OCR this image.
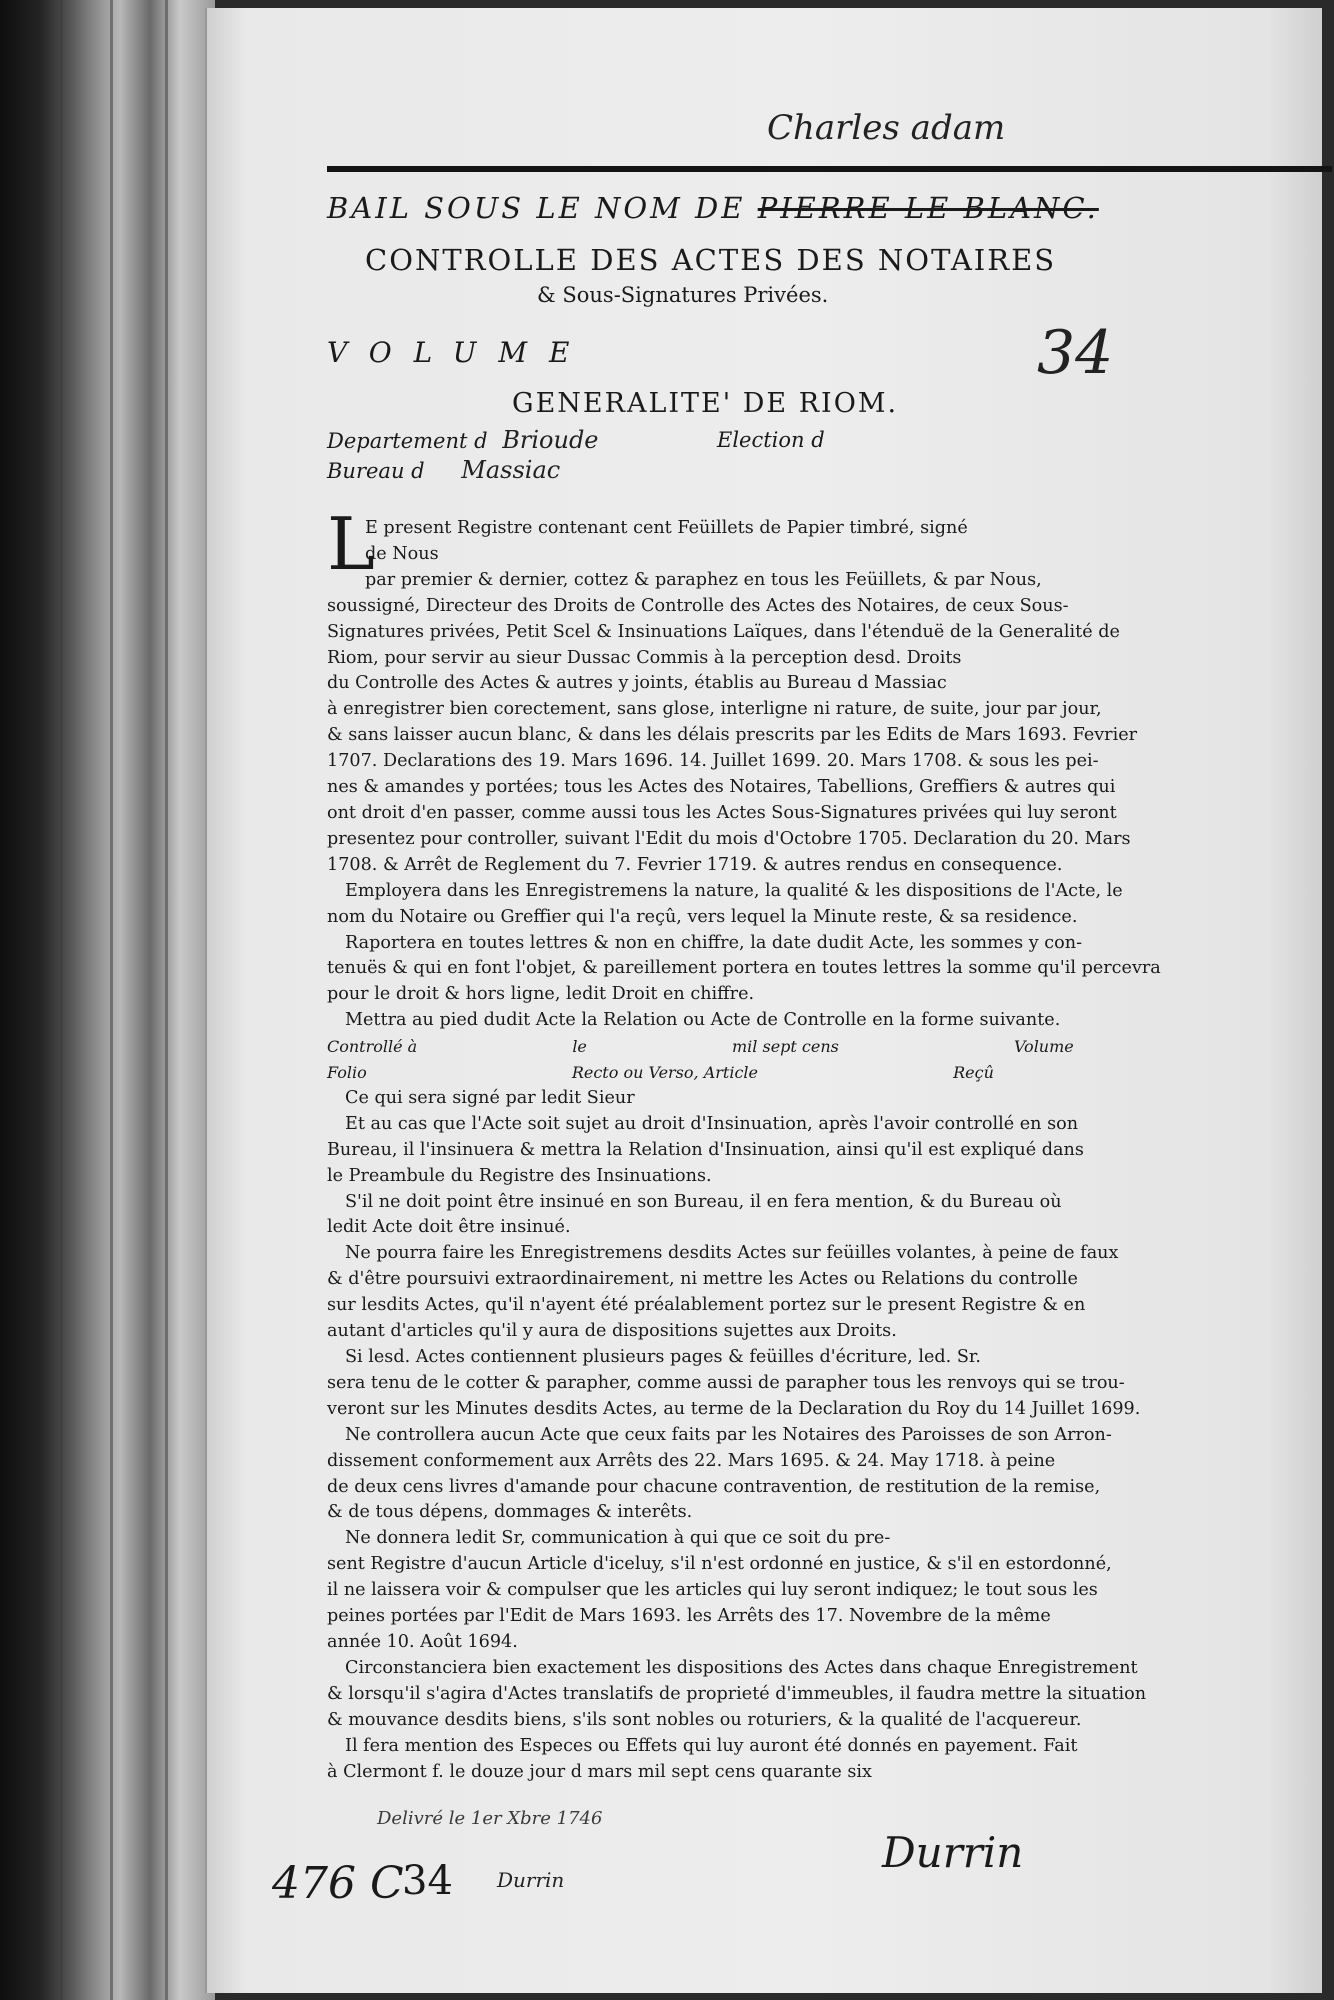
Charles adam
BAIL SOUS LE NOM DE PIERRE LE BLANC.
CONTROLLE DES ACTES DES NOTAIRES
& Sous-Signatures Privées.
VOLUME	34
GENERALITE' DE RIOM.
Departement d Brioude	Election d
Bureau d Massiac
L

E present Registre contenant cent Feüillets de Papier timbré, signé

de Nous

par premier & dernier, cottez & paraphez en tous les Feüillets, & par Nous,

soussigné, Directeur des Droits de Controlle des Actes des Notaires, de ceux Sous-

Signatures privées, Petit Scel & Insinuations Laïques, dans l'étenduë de la Generalité de

Riom, pour servir au sieur Dussac Commis à la perception desd. Droits

du Controlle des Actes & autres y joints, établis au Bureau d Massiac

à enregistrer bien corectement, sans glose, interligne ni rature, de suite, jour par jour,

& sans laisser aucun blanc, & dans les délais prescrits par les Edits de Mars 1693. Fevrier

1707. Declarations des 19. Mars 1696. 14. Juillet 1699. 20. Mars 1708. & sous les pei-

nes & amandes y portées; tous les Actes des Notaires, Tabellions, Greffiers & autres qui

ont droit d'en passer, comme aussi tous les Actes Sous-Signatures privées qui luy seront

presentez pour controller, suivant l'Edit du mois d'Octobre 1705. Declaration du 20. Mars

1708. & Arrêt de Reglement du 7. Fevrier 1719. & autres rendus en consequence.

Employera dans les Enregistremens la nature, la qualité & les dispositions de l'Acte, le

nom du Notaire ou Greffier qui l'a reçû, vers lequel la Minute reste, & sa residence.

Raportera en toutes lettres & non en chiffre, la date dudit Acte, les sommes y con-

tenuës & qui en font l'objet, & pareillement portera en toutes lettres la somme qu'il percevra

pour le droit & hors ligne, ledit Droit en chiffre.

Mettra au pied dudit Acte la Relation ou Acte de Controlle en la forme suivante.

Controllé à	le	mil sept cens	Volume

Folio	Recto ou Verso, Article	Reçû

Ce qui sera signé par ledit Sieur

Et au cas que l'Acte soit sujet au droit d'Insinuation, après l'avoir controllé en son

Bureau, il l'insinuera & mettra la Relation d'Insinuation, ainsi qu'il est expliqué dans

le Preambule du Registre des Insinuations.

S'il ne doit point être insinué en son Bureau, il en fera mention, & du Bureau où

ledit Acte doit être insinué.

Ne pourra faire les Enregistremens desdits Actes sur feüilles volantes, à peine de faux

& d'être poursuivi extraordinairement, ni mettre les Actes ou Relations du controlle

sur lesdits Actes, qu'il n'ayent été préalablement portez sur le present Registre & en

autant d'articles qu'il y aura de dispositions sujettes aux Droits.

Si lesd. Actes contiennent plusieurs pages & feüilles d'écriture, led. Sr.

sera tenu de le cotter & parapher, comme aussi de parapher tous les renvoys qui se trou-

veront sur les Minutes desdits Actes, au terme de la Declaration du Roy du 14 Juillet 1699.

Ne controllera aucun Acte que ceux faits par les Notaires des Paroisses de son Arron-

dissement conformement aux Arrêts des 22. Mars 1695. & 24. May 1718. à peine

de deux cens livres d'amande pour chacune contravention, de restitution de la remise,

& de tous dépens, dommages & interêts.

Ne donnera ledit Sr, communication à qui que ce soit du pre-

sent Registre d'aucun Article d'iceluy, s'il n'est ordonné en justice, & s'il en estordonné,

il ne laissera voir & compulser que les articles qui luy seront indiquez; le tout sous les

peines portées par l'Edit de Mars 1693. les Arrêts des 17. Novembre de la même

année 10. Août 1694.

Circonstanciera bien exactement les dispositions des Actes dans chaque Enregistrement

& lorsqu'il s'agira d'Actes translatifs de proprieté d'immeubles, il faudra mettre la situation

& mouvance desdits biens, s'ils sont nobles ou roturiers, & la qualité de l'acquereur.

Il fera mention des Especes ou Effets qui luy auront été donnés en payement. Fait

à Clermont f. le douze jour d mars mil sept cens quarante six

Delivré le 1er Xbre 1746
Durrin
476 C
34 Durrin
